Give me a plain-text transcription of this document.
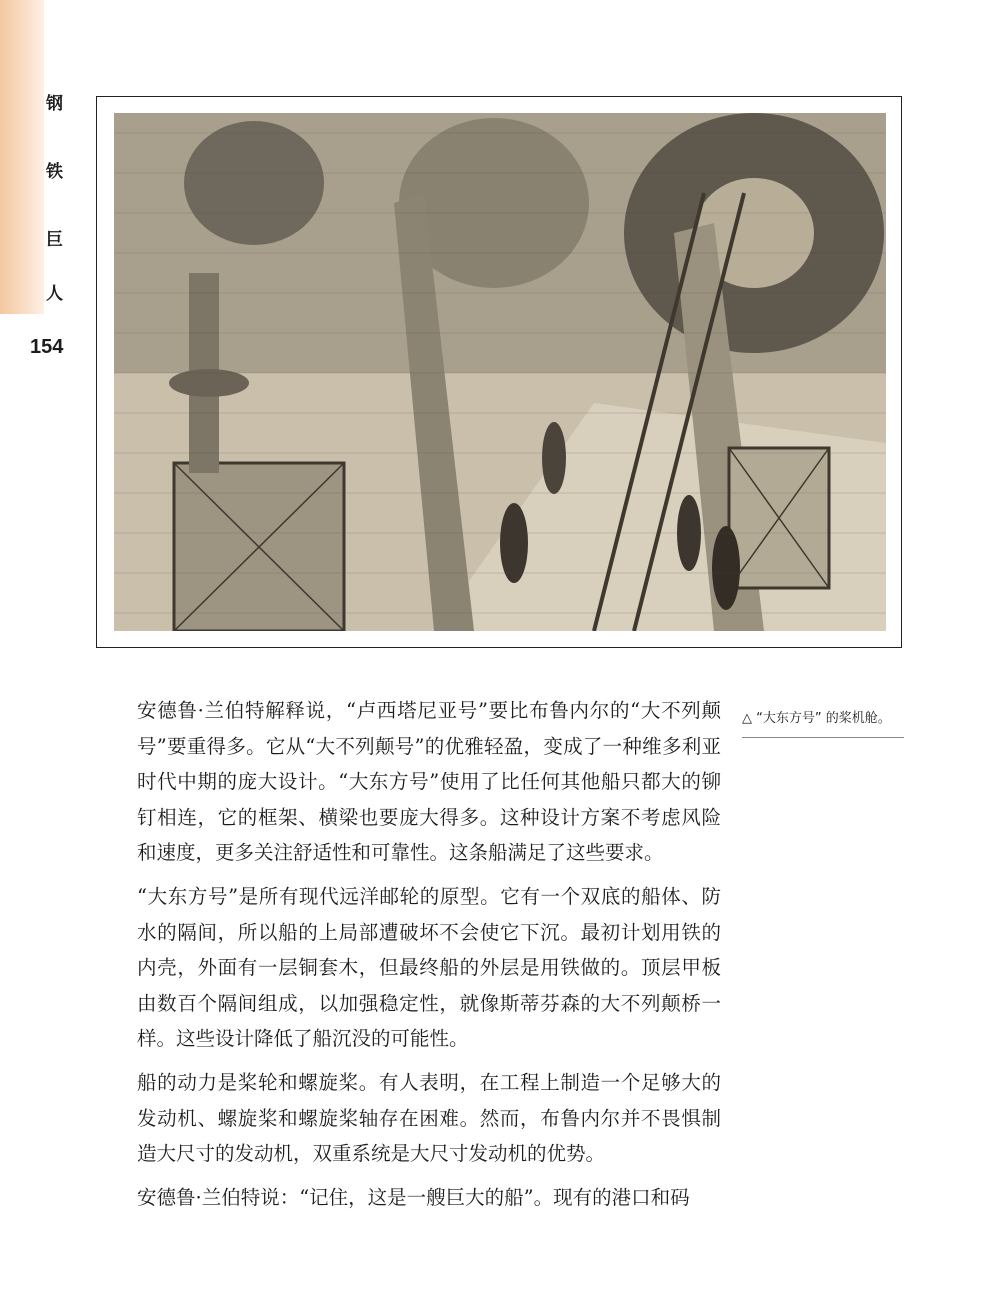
钢
铁
巨
人
154
△ “大东方号” 的桨机舱。

安德鲁·兰伯特解释说，“卢西塔尼亚号”要比布鲁内尔的“大不列颠号”要重得多。它从“大不列颠号”的优雅轻盈，变成了一种维多利亚时代中期的庞大设计。“大东方号”使用了比任何其他船只都大的铆钉相连，它的框架、横梁也要庞大得多。这种设计方案不考虑风险和速度，更多关注舒适性和可靠性。这条船满足了这些要求。

“大东方号”是所有现代远洋邮轮的原型。它有一个双底的船体、防水的隔间，所以船的上局部遭破坏不会使它下沉。最初计划用铁的内壳，外面有一层铜套木，但最终船的外层是用铁做的。顶层甲板由数百个隔间组成，以加强稳定性，就像斯蒂芬森的大不列颠桥一样。这些设计降低了船沉没的可能性。

船的动力是桨轮和螺旋桨。有人表明，在工程上制造一个足够大的发动机、螺旋桨和螺旋桨轴存在困难。然而，布鲁内尔并不畏惧制造大尺寸的发动机，双重系统是大尺寸发动机的优势。

安德鲁·兰伯特说：“记住，这是一艘巨大的船”。现有的港口和码
